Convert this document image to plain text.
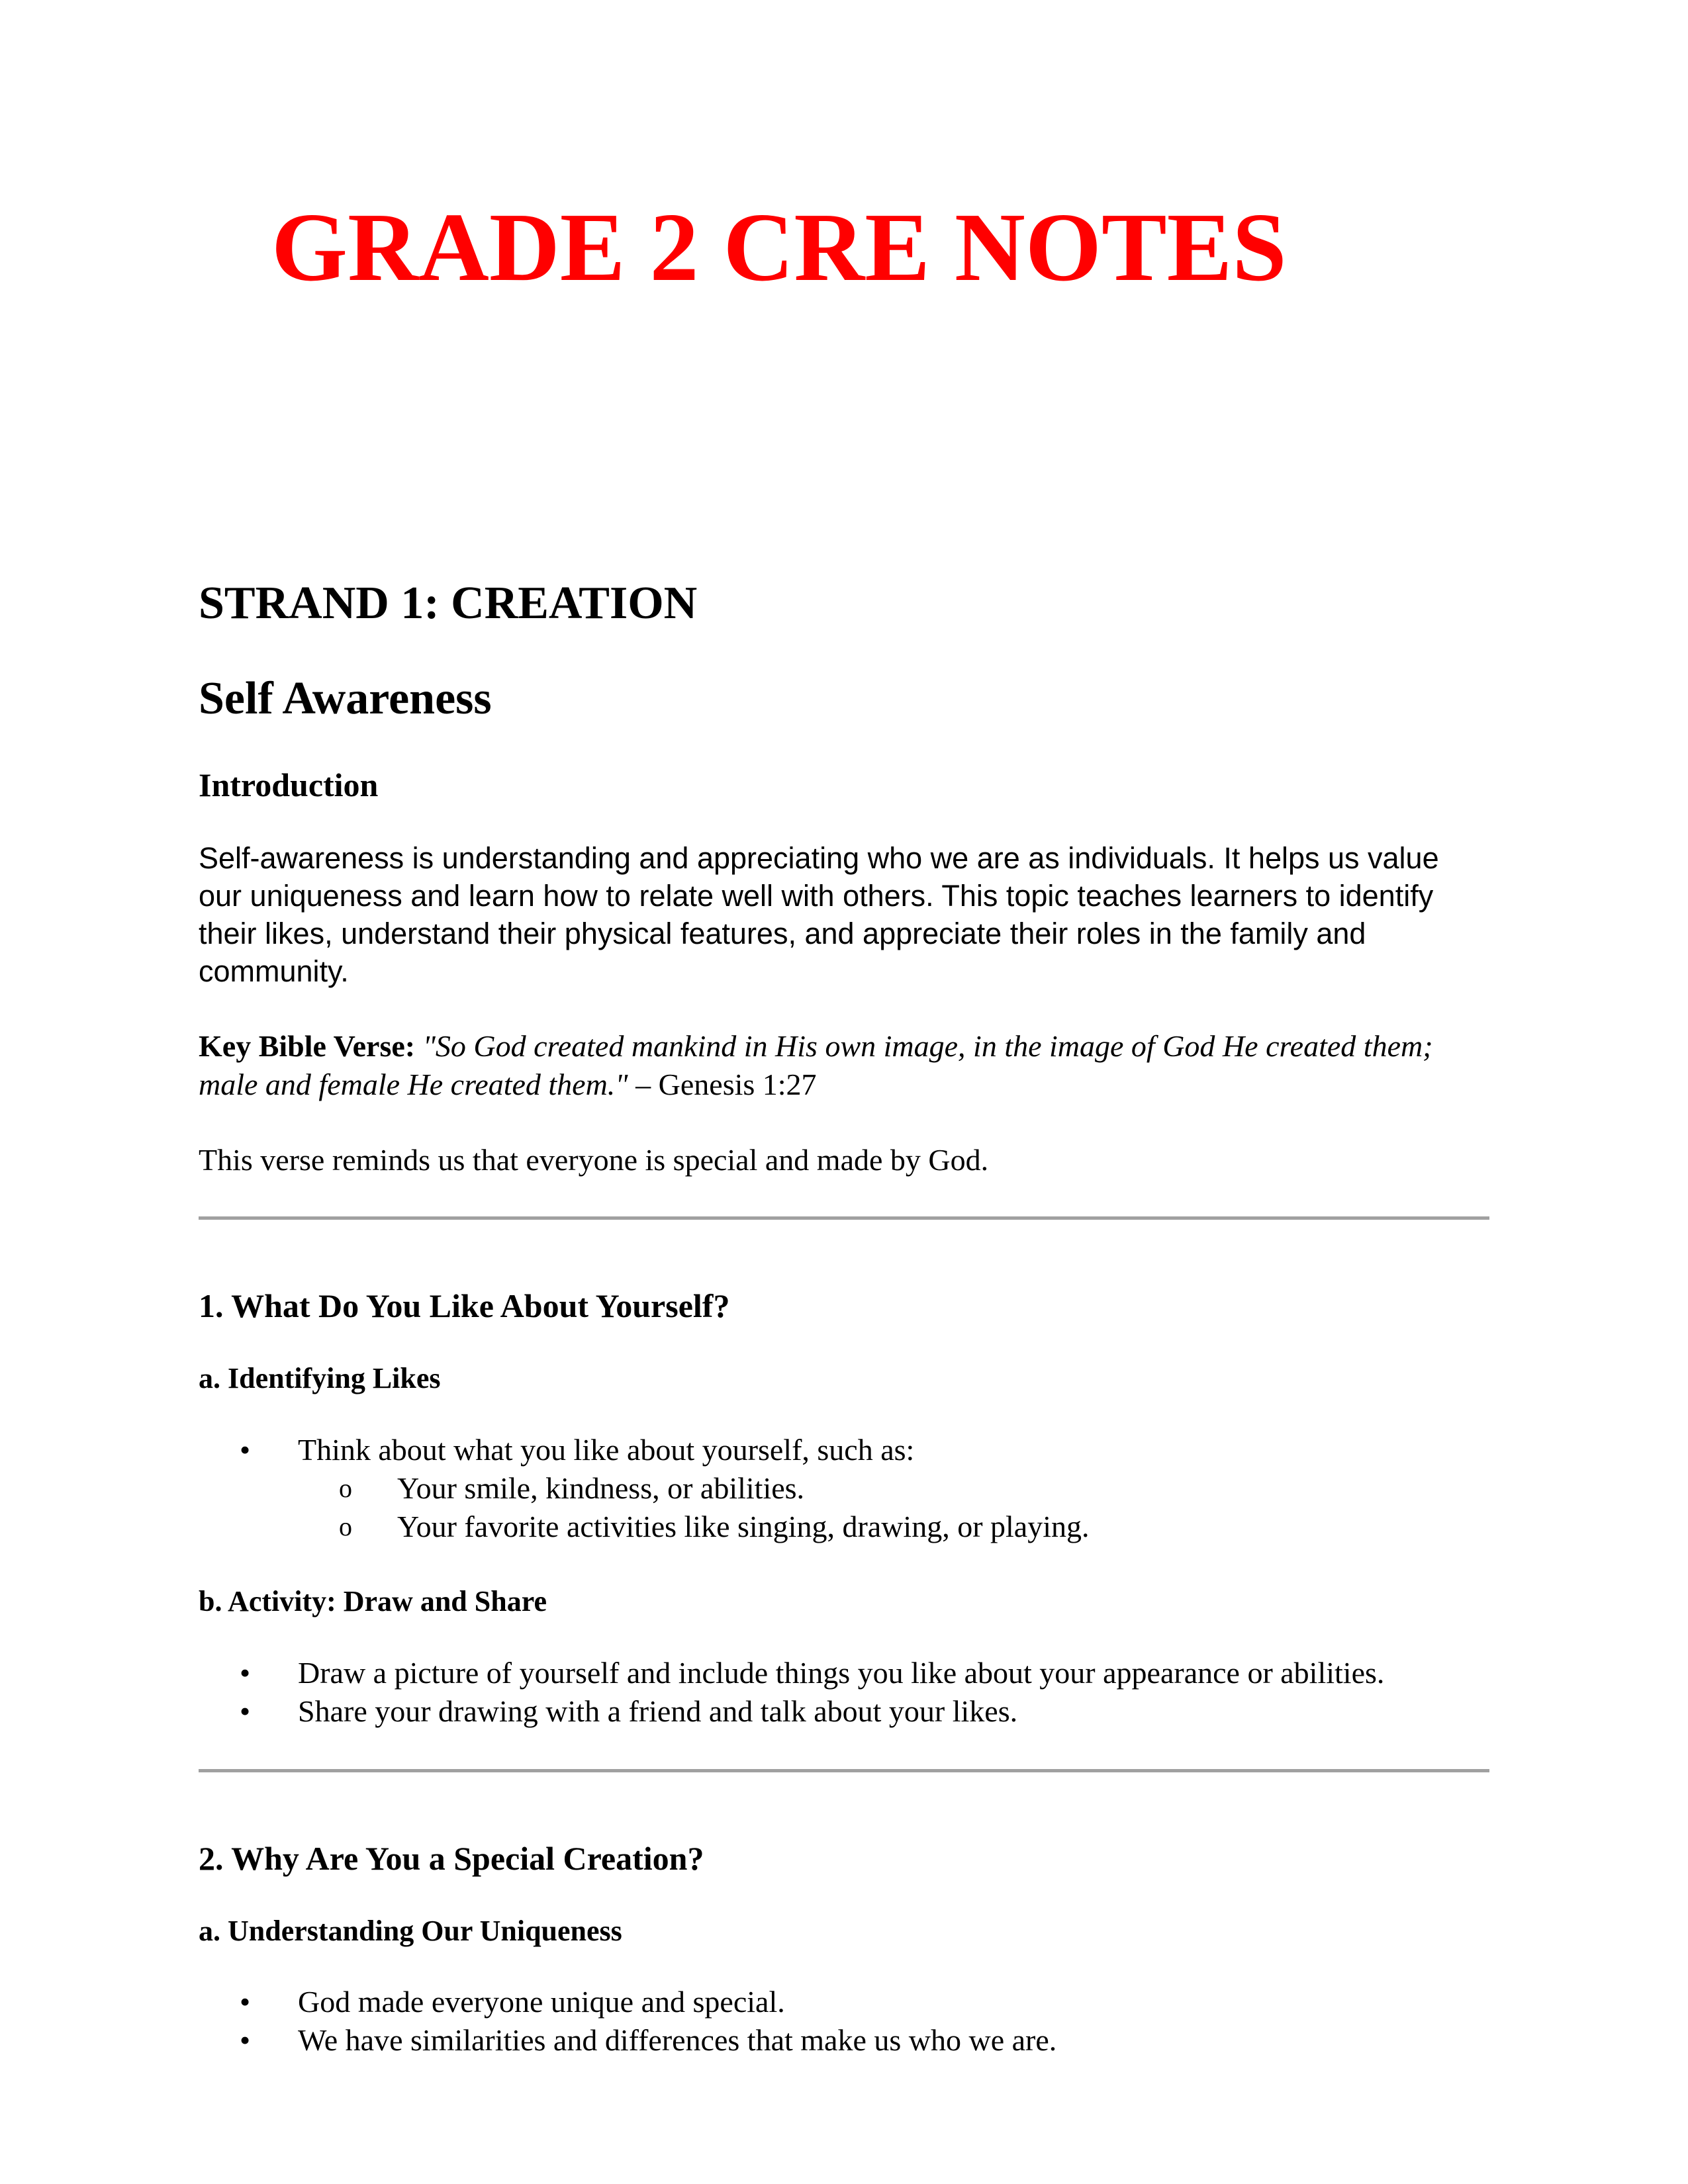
GRADE 2 CRE NOTES
STRAND 1: CREATION
Self Awareness
Introduction

Self-awareness is understanding and appreciating who we are as individuals. It helps us value our uniqueness and learn how to relate well with others. This topic teaches learners to identify their likes, understand their physical features, and appreciate their roles in the family and community.

Key Bible Verse: "So God created mankind in His own image, in the image of God He created them; male and female He created them." – Genesis 1:27

This verse reminds us that everyone is special and made by God.

1. What Do You Like About Yourself?
a. Identifying Likes
• Think about what you like about yourself, such as:
o Your smile, kindness, or abilities.
o Your favorite activities like singing, drawing, or playing.
b. Activity: Draw and Share
• Draw a picture of yourself and include things you like about your appearance or abilities.
• Share your drawing with a friend and talk about your likes.
2. Why Are You a Special Creation?
a. Understanding Our Uniqueness
• God made everyone unique and special.
• We have similarities and differences that make us who we are.
